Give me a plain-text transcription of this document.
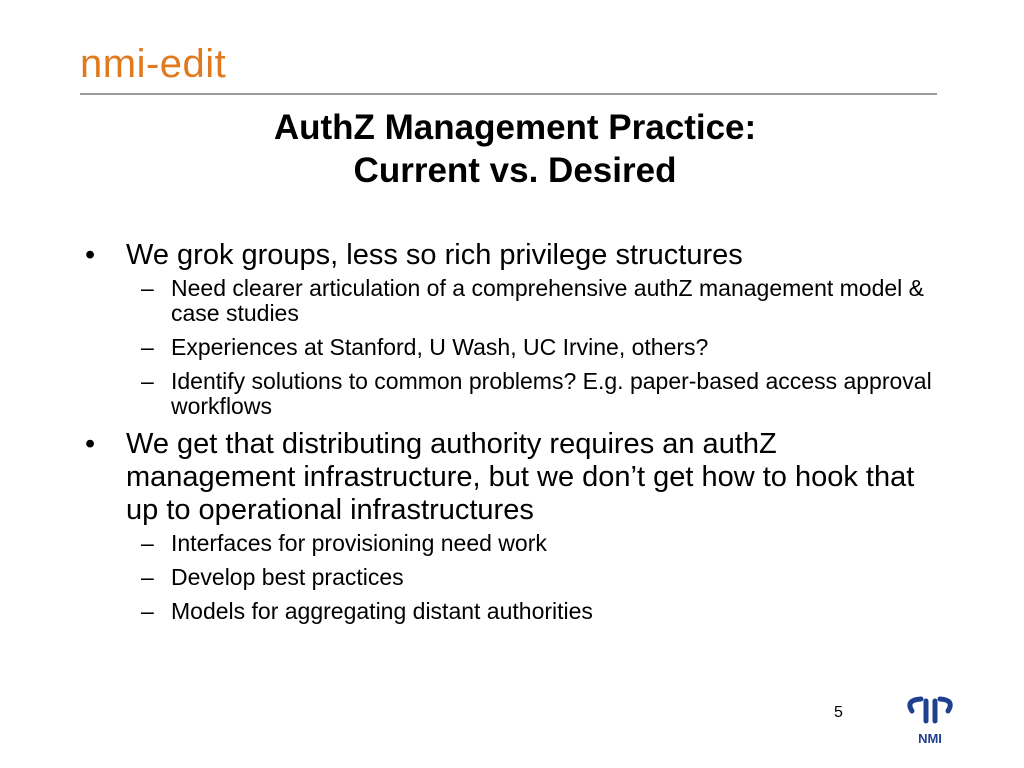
nmi-edit
AuthZ Management Practice:
Current vs. Desired
• We grok groups, less so rich privilege structures
– Need clearer articulation of a comprehensive authZ management model & case studies
– Experiences at Stanford, U Wash, UC Irvine, others?
– Identify solutions to common problems? E.g. paper-based access approval workflows
• We get that distributing authority requires an authZ management infrastructure, but we don’t get how to hook that up to operational infrastructures
– Interfaces for provisioning need work
– Develop best practices
– Models for aggregating distant authorities
5
NMI
